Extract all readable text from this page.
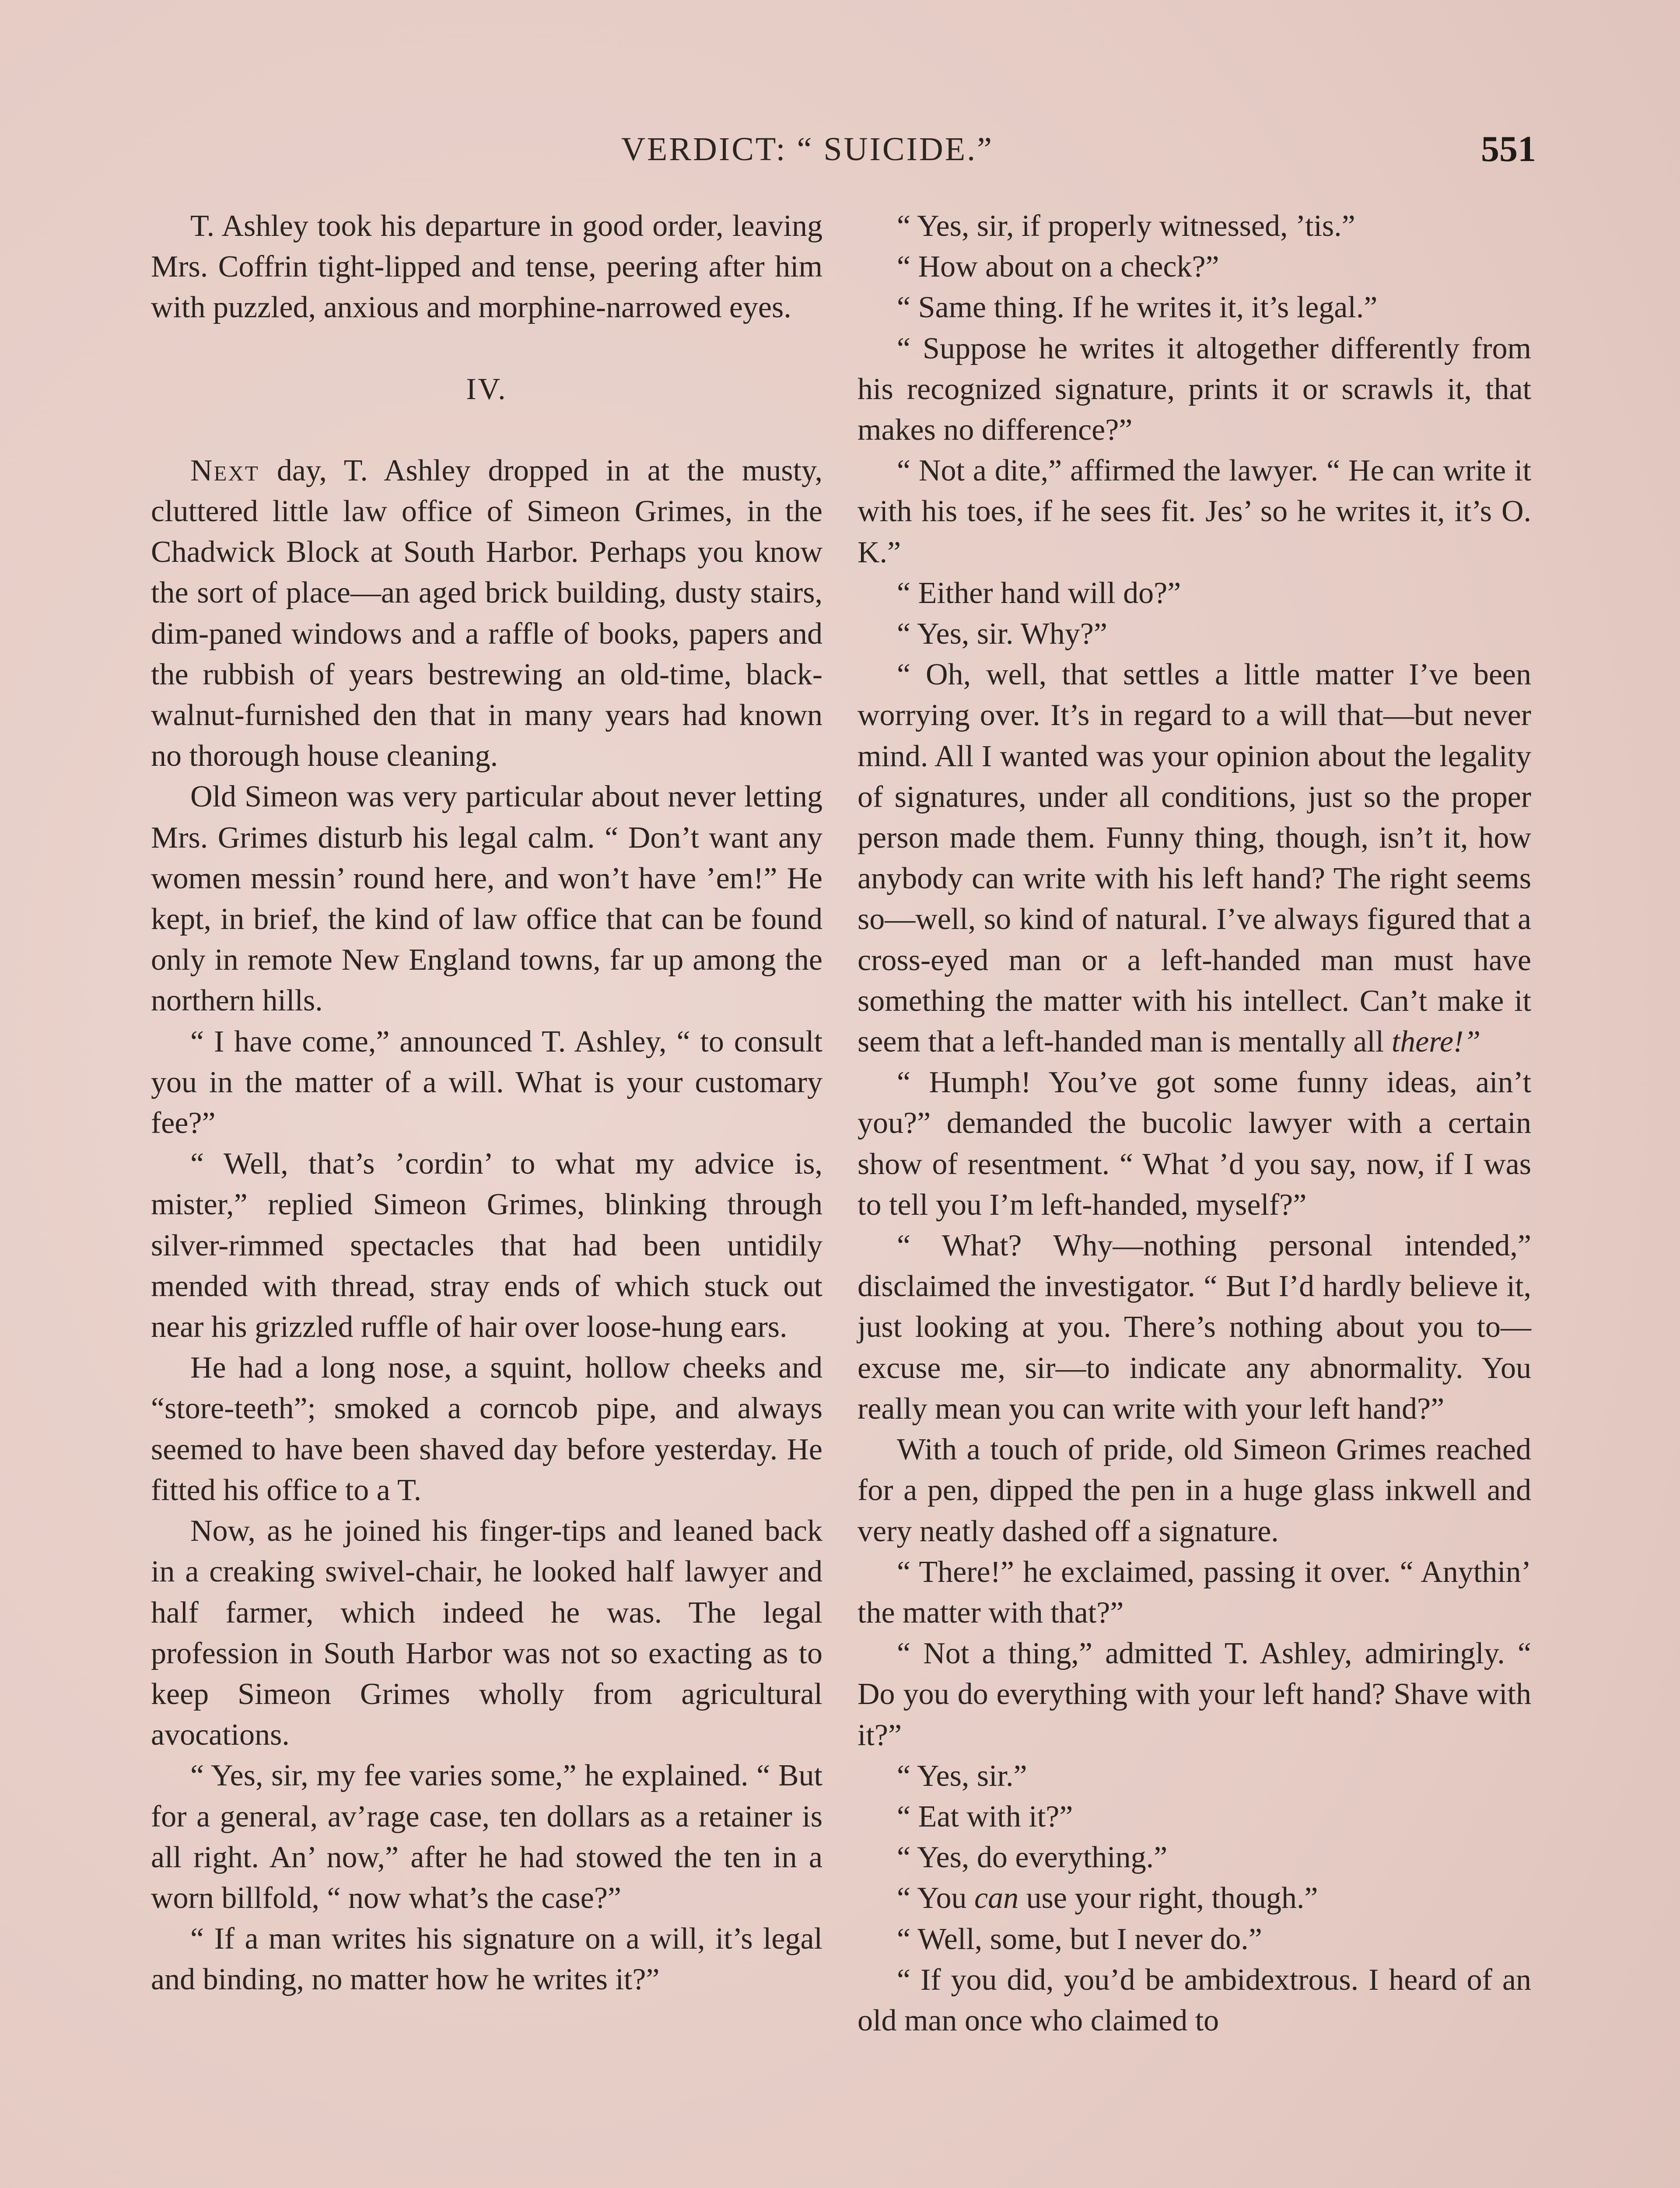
VERDICT: “ SUICIDE.”	551

T. Ashley took his departure in good order, leaving Mrs. Coffrin tight-lipped and tense, peering after him with puzzled, anxious and morphine-narrowed eyes.

IV.

Next day, T. Ashley dropped in at the musty, cluttered little law office of Simeon Grimes, in the Chadwick Block at South Harbor. Perhaps you know the sort of place—an aged brick building, dusty stairs, dim-paned windows and a raffle of books, papers and the rubbish of years bestrewing an old-time, black-walnut-furnished den that in many years had known no thorough house cleaning.

Old Simeon was very particular about never letting Mrs. Grimes disturb his legal calm. “ Don’t want any women messin’ round here, and won’t have ’em!” He kept, in brief, the kind of law office that can be found only in remote New England towns, far up among the northern hills.

“ I have come,” announced T. Ashley, “ to consult you in the matter of a will. What is your customary fee?”

“ Well, that’s ’cordin’ to what my advice is, mister,” replied Simeon Grimes, blinking through silver-rimmed spectacles that had been untidily mended with thread, stray ends of which stuck out near his grizzled ruffle of hair over loose-hung ears.

He had a long nose, a squint, hollow cheeks and “store-teeth”; smoked a corncob pipe, and always seemed to have been shaved day before yesterday. He fitted his office to a T.

Now, as he joined his finger-tips and leaned back in a creaking swivel-chair, he looked half lawyer and half farmer, which indeed he was. The legal profession in South Harbor was not so exacting as to keep Simeon Grimes wholly from agricultural avocations.

“ Yes, sir, my fee varies some,” he explained. “ But for a general, av’rage case, ten dollars as a retainer is all right. An’ now,” after he had stowed the ten in a worn billfold, “ now what’s the case?”

“ If a man writes his signature on a will, it’s legal and binding, no matter how he writes it?”

“ Yes, sir, if properly witnessed, ’tis.”

“ How about on a check?”

“ Same thing. If he writes it, it’s legal.”

“ Suppose he writes it altogether differently from his recognized signature, prints it or scrawls it, that makes no difference?”

“ Not a dite,” affirmed the lawyer. “ He can write it with his toes, if he sees fit. Jes’ so he writes it, it’s O. K.”

“ Either hand will do?”

“ Yes, sir. Why?”

“ Oh, well, that settles a little matter I’ve been worrying over. It’s in regard to a will that—but never mind. All I wanted was your opinion about the legality of signatures, under all conditions, just so the proper person made them. Funny thing, though, isn’t it, how anybody can write with his left hand? The right seems so—well, so kind of natural. I’ve always figured that a cross-eyed man or a left-handed man must have something the matter with his intellect. Can’t make it seem that a left-handed man is mentally all there!”

“ Humph! You’ve got some funny ideas, ain’t you?” demanded the bucolic lawyer with a certain show of resentment. “ What ’d you say, now, if I was to tell you I’m left-handed, myself?”

“ What? Why—nothing personal intended,” disclaimed the investigator. “ But I’d hardly believe it, just looking at you. There’s nothing about you to—excuse me, sir—to indicate any abnormality. You really mean you can write with your left hand?”

With a touch of pride, old Simeon Grimes reached for a pen, dipped the pen in a huge glass inkwell and very neatly dashed off a signature.

“ There!” he exclaimed, passing it over. “ Anythin’ the matter with that?”

“ Not a thing,” admitted T. Ashley, admiringly. “ Do you do everything with your left hand? Shave with it?”

“ Yes, sir.”

“ Eat with it?”

“ Yes, do everything.”

“ You can use your right, though.”

“ Well, some, but I never do.”

“ If you did, you’d be ambidextrous. I heard of an old man once who claimed to
